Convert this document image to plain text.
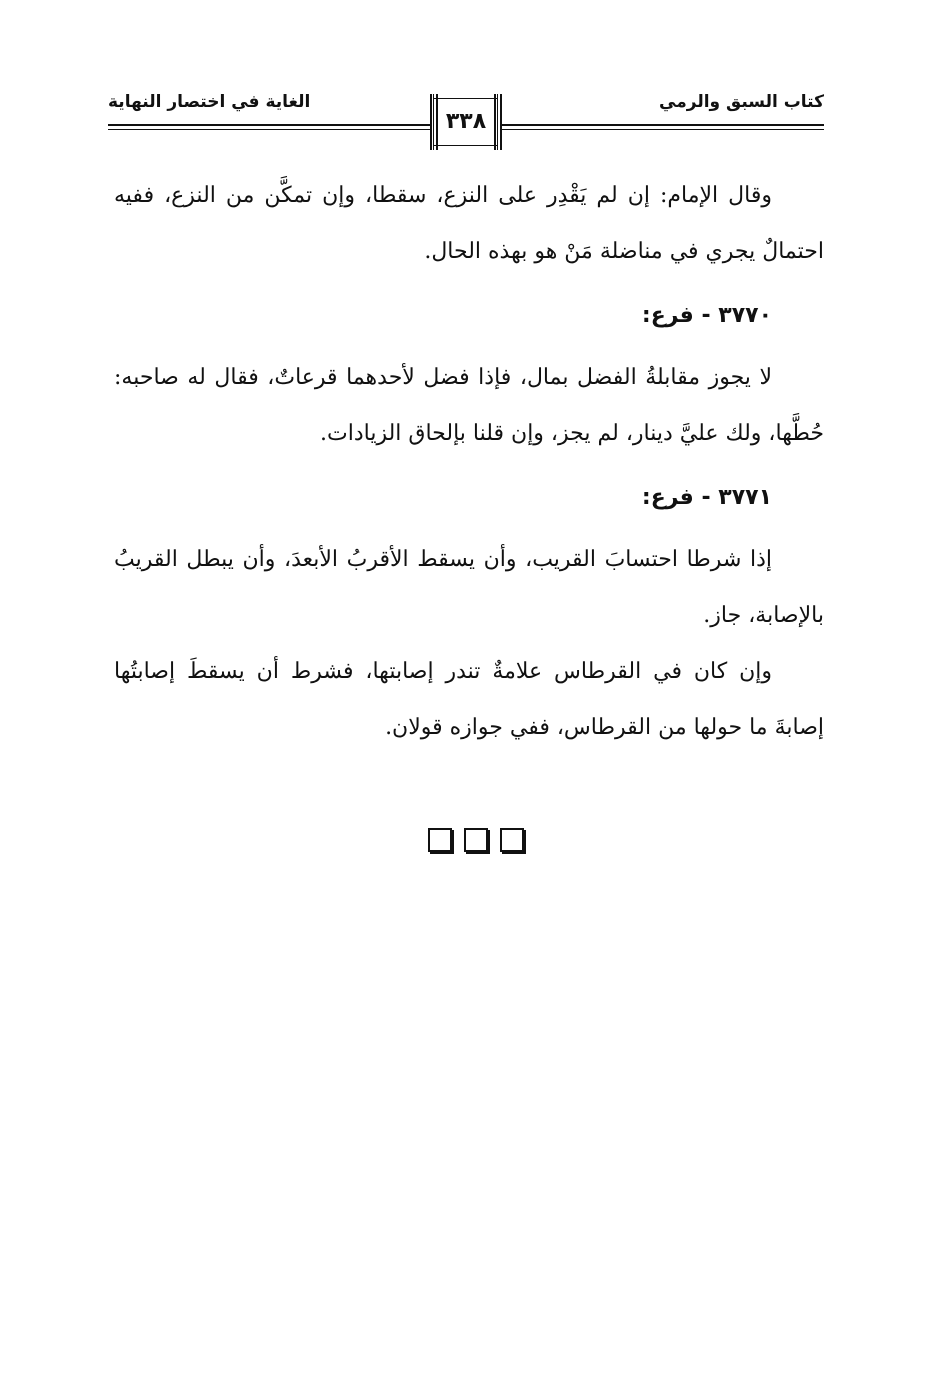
كتاب السبق والرمي
الغاية في اختصار النهاية
٣٣٨

وقال الإمام: إن لم يَقْدِر على النزع، سقطا، وإن تمكَّن من النزع، ففيه احتمالٌ يجري في مناضلة مَنْ هو بهذه الحال.

٣٧٧٠ - فرع:

لا يجوز مقابلةُ الفضل بمال، فإذا فضل لأحدهما قرعاتٌ، فقال له صاحبه: حُطَّها، ولك عليَّ دينار، لم يجز، وإن قلنا بإلحاق الزيادات.

٣٧٧١ - فرع:

إذا شرطا احتسابَ القريب، وأن يسقط الأقربُ الأبعدَ، وأن يبطل القريبُ بالإصابة، جاز.

وإن كان في القرطاس علامةٌ تندر إصابتها، فشرط أن يسقطَ إصابتُها إصابةَ ما حولها من القرطاس، ففي جوازه قولان.
